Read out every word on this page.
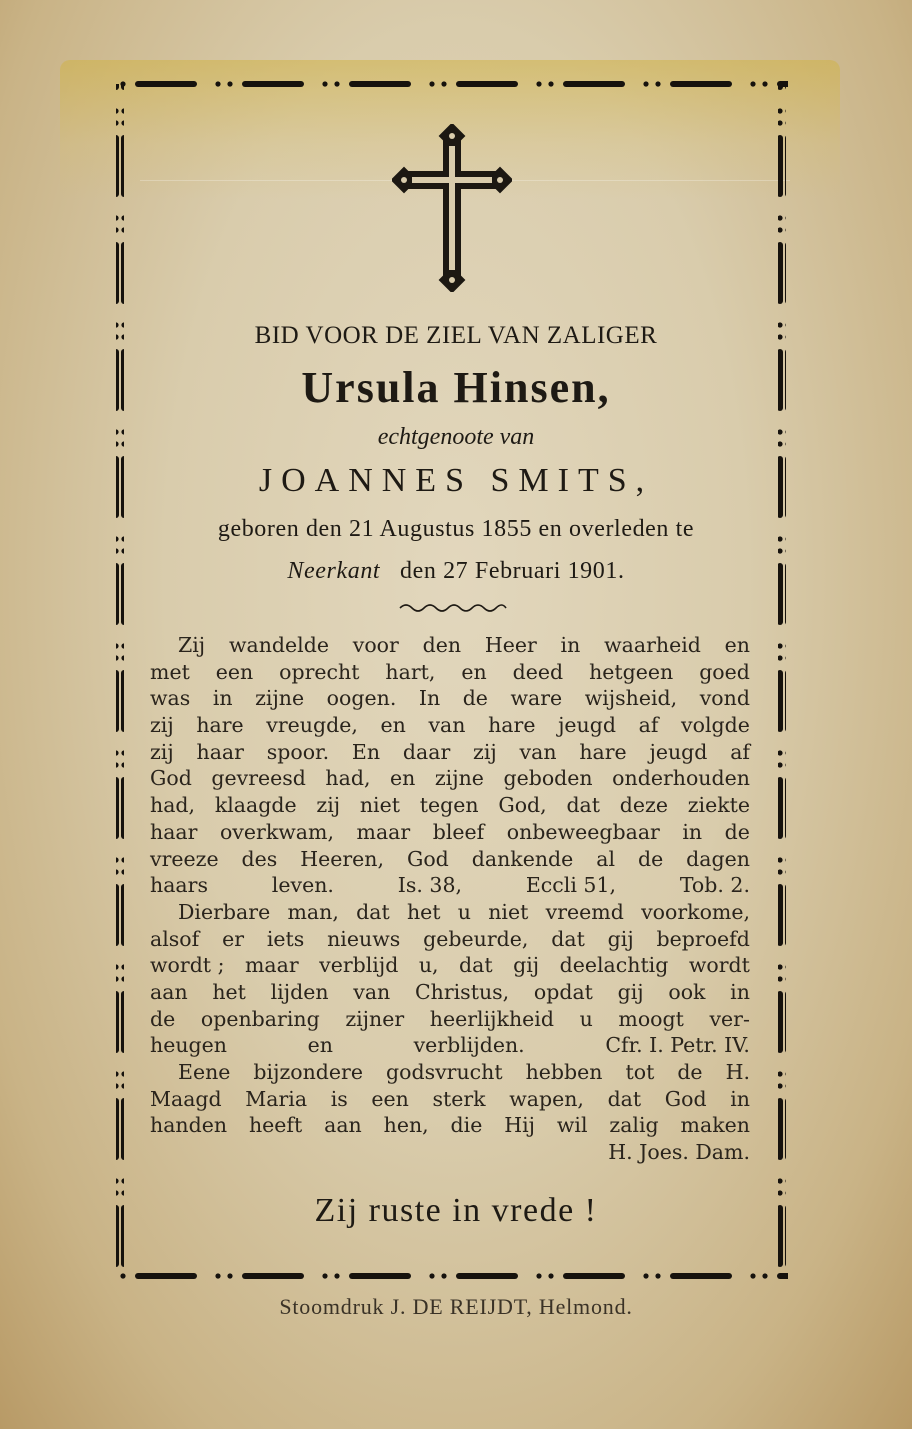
BID VOOR DE ZIEL VAN ZALIGER
Ursula Hinsen,
echtgenoote van
JOANNES SMITS,
geboren den 21 Augustus 1855 en overleden te
Neerkant den 27 Februari 1901.
Zij wandelde voor den Heer in waarheid en
met een oprecht hart, en deed hetgeen goed
was in zijne oogen. In de ware wijsheid, vond
zij hare vreugde, en van hare jeugd af volgde
zij haar spoor. En daar zij van hare jeugd af
God gevreesd had, en zijne geboden onderhouden
had, klaagde zij niet tegen God, dat deze ziekte
haar overkwam, maar bleef onbeweegbaar in de
vreeze des Heeren, God dankende al de dagen
haars	leven.	Is. 38,	Eccli 51,	Tob. 2.
Dierbare man, dat het u niet vreemd voorkome,
alsof er iets nieuws gebeurde, dat gij beproefd
wordt ; maar verblijd u, dat gij deelachtig wordt
aan het lijden van Christus, opdat gij ook in
de openbaring zijner heerlijkheid u moogt ver-
heugen	en	verblijden.	Cfr. I. Petr. IV.
Eene bijzondere godsvrucht hebben tot de H.
Maagd Maria is een sterk wapen, dat God in
handen heeft aan hen, die Hij wil zalig maken
H. Joes. Dam.
Zij ruste in vrede !
Stoomdruk J. DE REIJDT, Helmond.
